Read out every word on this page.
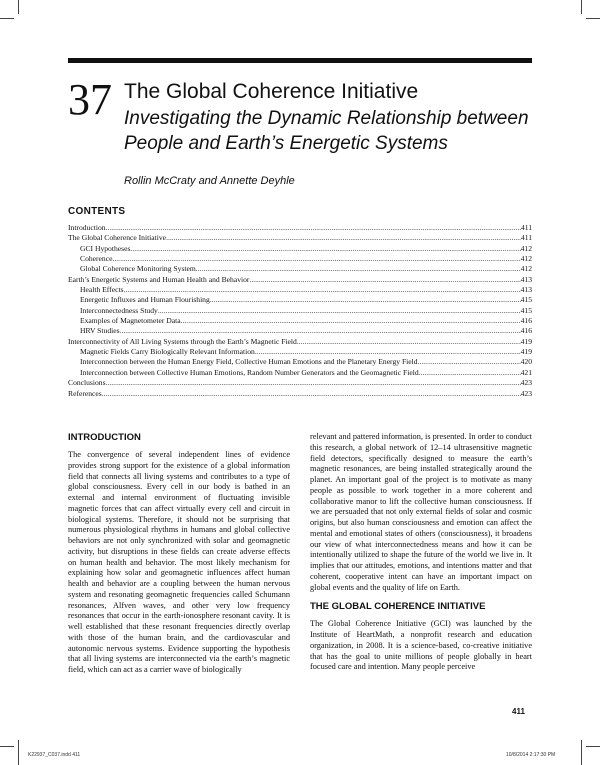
37 The Global Coherence Initiative
Investigating the Dynamic Relationship between People and Earth’s Energetic Systems
Rollin McCraty and Annette Deyhle
CONTENTS
Introduction .....	411
The Global Coherence Initiative .....	411
GCI Hypotheses .....	412
Coherence .....	412
Global Coherence Monitoring System .....	412
Earth’s Energetic Systems and Human Health and Behavior .....	413
Health Effects .....	413
Energetic Influxes and Human Flourishing .....	415
Interconnectedness Study .....	415
Examples of Magnetometer Data .....	416
HRV Studies .....	416
Interconnectivity of All Living Systems through the Earth’s Magnetic Field .....	419
Magnetic Fields Carry Biologically Relevant Information .....	419
Interconnection between the Human Energy Field, Collective Human Emotions and the Planetary Energy Field .....	420
Interconnection between Collective Human Emotions, Random Number Generators and the Geomagnetic Field .....	421
Conclusions .....	423
References .....	423
INTRODUCTION

The convergence of several independent lines of evidence provides strong support for the existence of a global information field that connects all living systems and contributes to a type of global consciousness. Every cell in our body is bathed in an external and internal environment of fluctuating invisible magnetic forces that can affect virtually every cell and circuit in biological systems. Therefore, it should not be surprising that numerous physiological rhythms in humans and global collective behaviors are not only synchronized with solar and geomagnetic activity, but disruptions in these fields can create adverse effects on human health and behavior. The most likely mechanism for explaining how solar and geomagnetic influences affect human health and behavior are a coupling between the human nervous system and resonating geomagnetic frequencies called Schumann resonances, Alfven waves, and other very low frequency resonances that occur in the earth-ionosphere resonant cavity. It is well established that these resonant frequencies directly overlap with those of the human brain, and the cardiovascular and autonomic nervous systems. Evidence supporting the hypothesis that all living systems are interconnected via the earth’s magnetic field, which can act as a carrier wave of biologically

relevant and pattered information, is presented. In order to conduct this research, a global network of 12–14 ultrasensitive magnetic field detectors, specifically designed to measure the earth’s magnetic resonances, are being installed strategically around the planet. An important goal of the project is to motivate as many people as possible to work together in a more coherent and collaborative manor to lift the collective human consciousness. If we are persuaded that not only external fields of solar and cosmic origins, but also human consciousness and emotion can affect the mental and emotional states of others (consciousness), it broadens our view of what interconnectedness means and how it can be intentionally utilized to shape the future of the world we live in. It implies that our attitudes, emotions, and intentions matter and that coherent, cooperative intent can have an important impact on global events and the quality of life on Earth.

THE GLOBAL COHERENCE INITIATIVE

The Global Coherence Initiative (GCI) was launched by the Institute of HeartMath, a nonprofit research and education organization, in 2008. It is a science-based, co-creative initiative that has the goal to unite millions of people globally in heart focused care and intention. Many people perceive

411
K22937_C037.indd 411	10/8/2014 2:17:30 PM
